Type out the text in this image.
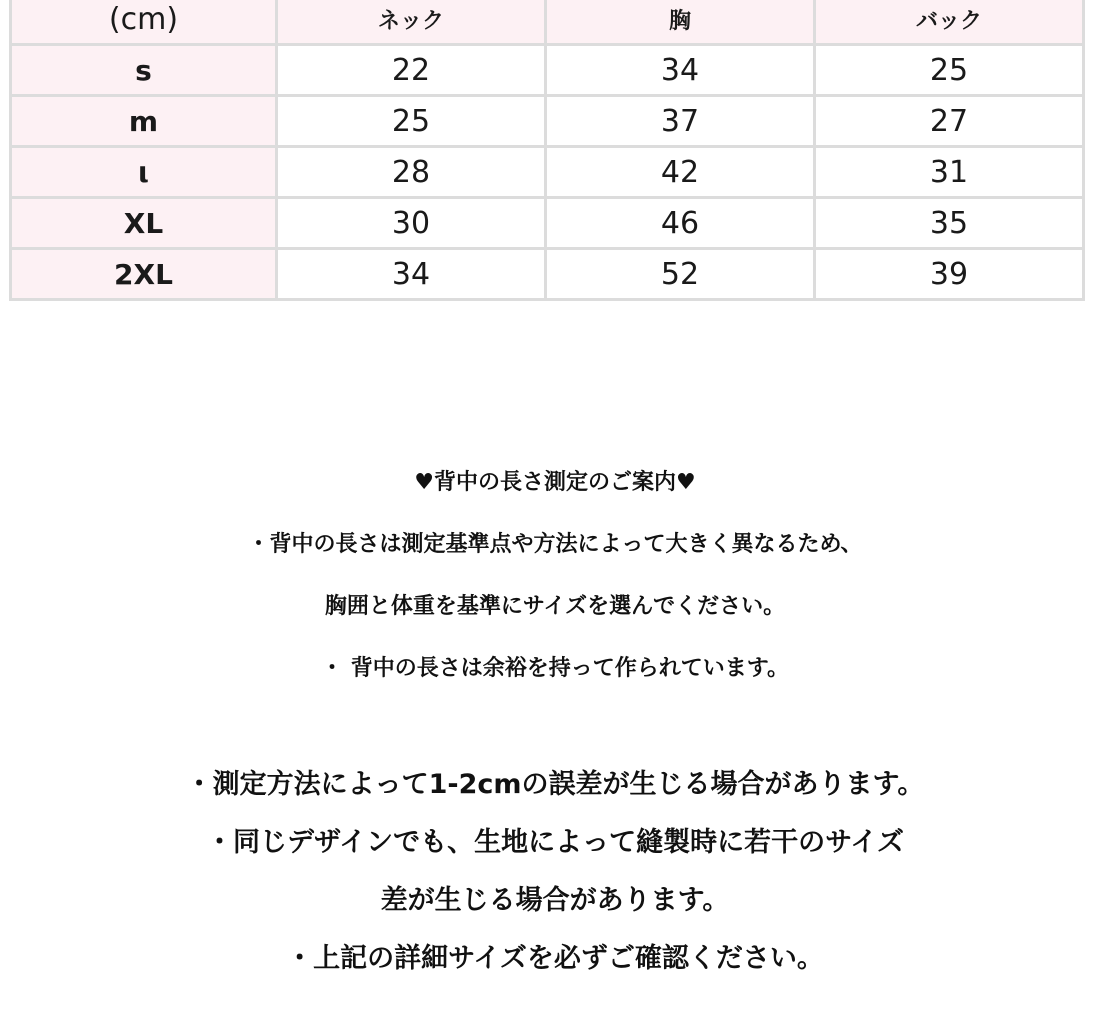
(cm)	ネック	胸	バック
s	22	34	25
m	25	37	27
ι	28	42	31
XL	30	46	35
2XL	34	52	39

♥背中の長さ測定のご案内♥

・背中の長さは測定基準点や方法によって大きく異なるため、

胸囲と体重を基準にサイズを選んでください。

・ 背中の長さは余裕を持って作られています。

・測定方法によって1-2cmの誤差が生じる場合があります。

・同じデザインでも、生地によって縫製時に若干のサイズ

差が生じる場合があります。

・上記の詳細サイズを必ずご確認ください。
